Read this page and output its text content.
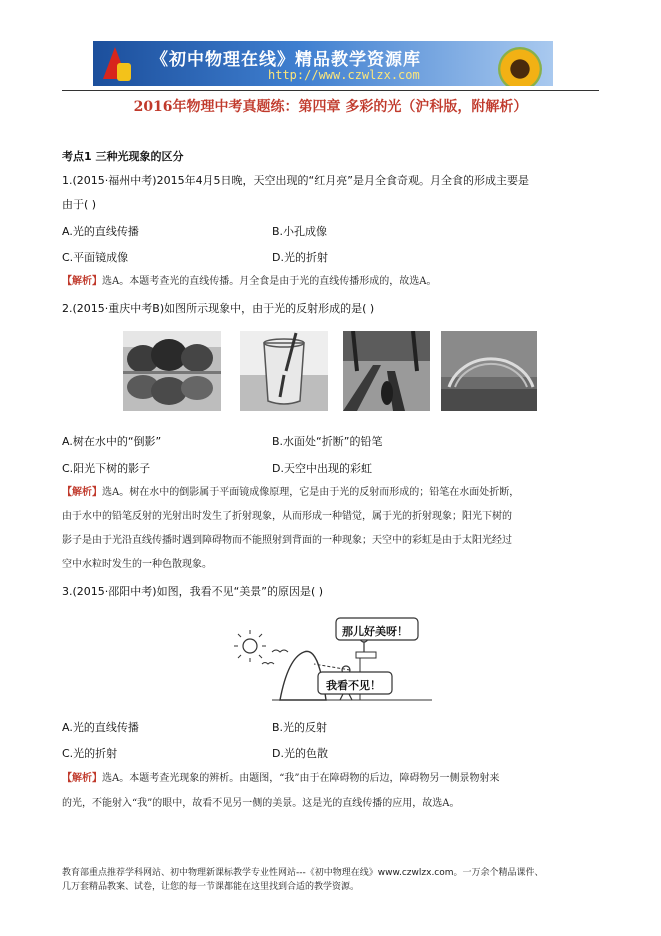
《初中物理在线》精品教学资源库
http://www.czwlzx.com
2016年物理中考真题练：第四章 多彩的光（沪科版，附解析）
考点1 三种光现象的区分
1.(2015·福州中考)2015年4月5日晚，天空出现的“红月亮”是月全食奇观。月全食的形成主要是
由于( )
A.光的直线传播	B.小孔成像
C.平面镜成像	D.光的折射
【解析】选A。本题考查光的直线传播。月全食是由于光的直线传播形成的，故选A。
2.(2015·重庆中考B)如图所示现象中，由于光的反射形成的是( )
A.树在水中的“倒影”	B.水面处“折断”的铅笔
C.阳光下树的影子	D.天空中出现的彩虹
【解析】选A。树在水中的倒影属于平面镜成像原理，它是由于光的反射而形成的；铅笔在水面处折断，
由于水中的铅笔反射的光射出时发生了折射现象，从而形成一种错觉，属于光的折射现象；阳光下树的
影子是由于光沿直线传播时遇到障碍物而不能照射到背面的一种现象；天空中的彩虹是由于太阳光经过
空中水粒时发生的一种色散现象。
3.(2015·邵阳中考)如图，我看不见“美景”的原因是( )
那儿好美呀！
我看不见！
A.光的直线传播	B.光的反射
C.光的折射	D.光的色散
【解析】选A。本题考查光现象的辨析。由题图，“我”由于在障碍物的后边，障碍物另一侧景物射来
的光，不能射入“我”的眼中，故看不见另一侧的美景。这是光的直线传播的应用，故选A。
教育部重点推荐学科网站、初中物理新课标教学专业性网站---《初中物理在线》www.czwlzx.com。一万余个精品课件、
几万套精品教案、试卷，让您的每一节课都能在这里找到合适的教学资源。
